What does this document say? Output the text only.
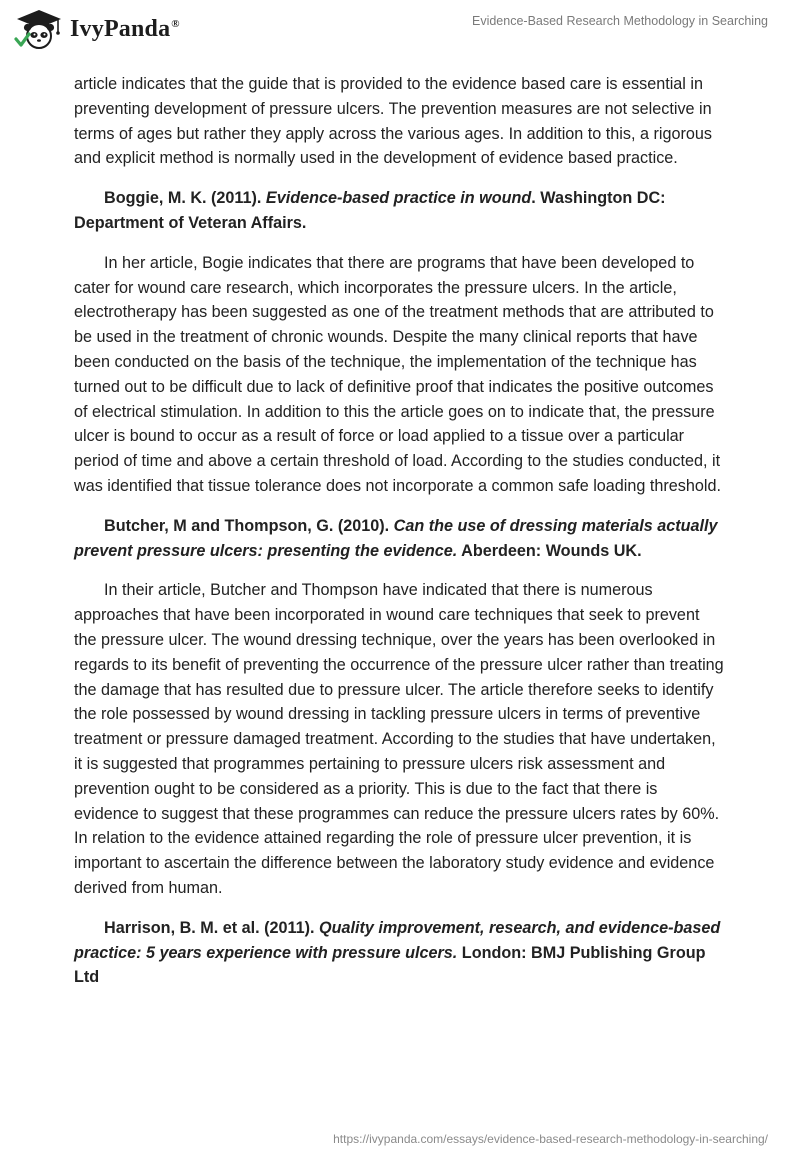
IvyPanda®	Evidence-Based Research Methodology in Searching

article indicates that the guide that is provided to the evidence based care is essential in preventing development of pressure ulcers. The prevention measures are not selective in terms of ages but rather they apply across the various ages. In addition to this, a rigorous and explicit method is normally used in the development of evidence based practice.

Boggie, M. K. (2011). Evidence-based practice in wound. Washington DC: Department of Veteran Affairs.

In her article, Bogie indicates that there are programs that have been developed to cater for wound care research, which incorporates the pressure ulcers. In the article, electrotherapy has been suggested as one of the treatment methods that are attributed to be used in the treatment of chronic wounds. Despite the many clinical reports that have been conducted on the basis of the technique, the implementation of the technique has turned out to be difficult due to lack of definitive proof that indicates the positive outcomes of electrical stimulation. In addition to this the article goes on to indicate that, the pressure ulcer is bound to occur as a result of force or load applied to a tissue over a particular period of time and above a certain threshold of load. According to the studies conducted, it was identified that tissue tolerance does not incorporate a common safe loading threshold.

Butcher, M and Thompson, G. (2010). Can the use of dressing materials actually prevent pressure ulcers: presenting the evidence. Aberdeen: Wounds UK.

In their article, Butcher and Thompson have indicated that there is numerous approaches that have been incorporated in wound care techniques that seek to prevent the pressure ulcer. The wound dressing technique, over the years has been overlooked in regards to its benefit of preventing the occurrence of the pressure ulcer rather than treating the damage that has resulted due to pressure ulcer. The article therefore seeks to identify the role possessed by wound dressing in tackling pressure ulcers in terms of preventive treatment or pressure damaged treatment. According to the studies that have undertaken, it is suggested that programmes pertaining to pressure ulcers risk assessment and prevention ought to be considered as a priority. This is due to the fact that there is evidence to suggest that these programmes can reduce the pressure ulcers rates by 60%. In relation to the evidence attained regarding the role of pressure ulcer prevention, it is important to ascertain the difference between the laboratory study evidence and evidence derived from human.

Harrison, B. M. et al. (2011). Quality improvement, research, and evidence-based practice: 5 years experience with pressure ulcers. London: BMJ Publishing Group Ltd

https://ivypanda.com/essays/evidence-based-research-methodology-in-searching/
